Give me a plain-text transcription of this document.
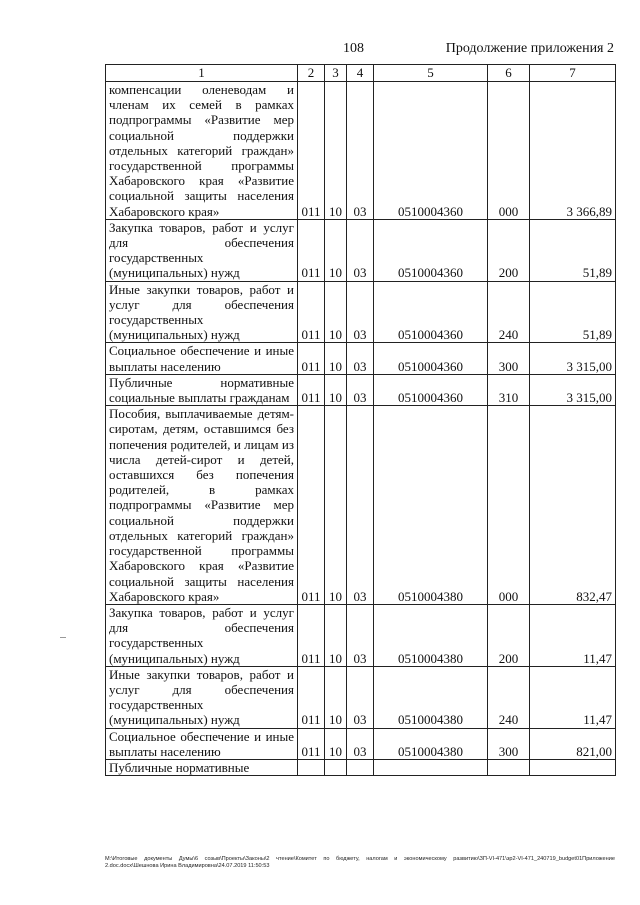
108	Продолжение приложения 2
1	2	3	4	5	6	7
компенсации оленеводам и членам их семей в рамках подпрограммы «Развитие мер социальной поддержки отдельных категорий граждан» государственной программы Хабаровского края «Развитие социальной защиты населения Хабаровского края»	011	10	03	0510004360	000	3 366,89
Закупка товаров, работ и услуг для обеспечения государственных (муниципальных) нужд	011	10	03	0510004360	200	51,89
Иные закупки товаров, работ и услуг для обеспечения государственных (муниципальных) нужд	011	10	03	0510004360	240	51,89
Социальное обеспечение и иные выплаты населению	011	10	03	0510004360	300	3 315,00
Публичные нормативные социальные выплаты гражданам	011	10	03	0510004360	310	3 315,00
Пособия, выплачиваемые детям-сиротам, детям, оставшимся без попечения родителей, и лицам из числа детей-сирот и детей, оставшихся без попечения родителей, в рамках подпрограммы «Развитие мер социальной поддержки отдельных категорий граждан» государственной программы Хабаровского края «Развитие социальной защиты населения Хабаровского края»	011	10	03	0510004380	000	832,47
Закупка товаров, работ и услуг для обеспечения государственных (муниципальных) нужд	011	10	03	0510004380	200	11,47
Иные закупки товаров, работ и услуг для обеспечения государственных (муниципальных) нужд	011	10	03	0510004380	240	11,47
Социальное обеспечение и иные выплаты населению	011	10	03	0510004380	300	821,00
Публичные нормативные						
М:\Итоговые документы Думы\6 созыв\Проекты\Законы\2 чтение\Комитет по бюджету, налогам и экономическому развитию\ЗП-VI-471\зр2-VI-471_240719_budget01Приложение 2.doc.docx\Шешнова Ирина Владимировна\24.07.2019 11:50:53
